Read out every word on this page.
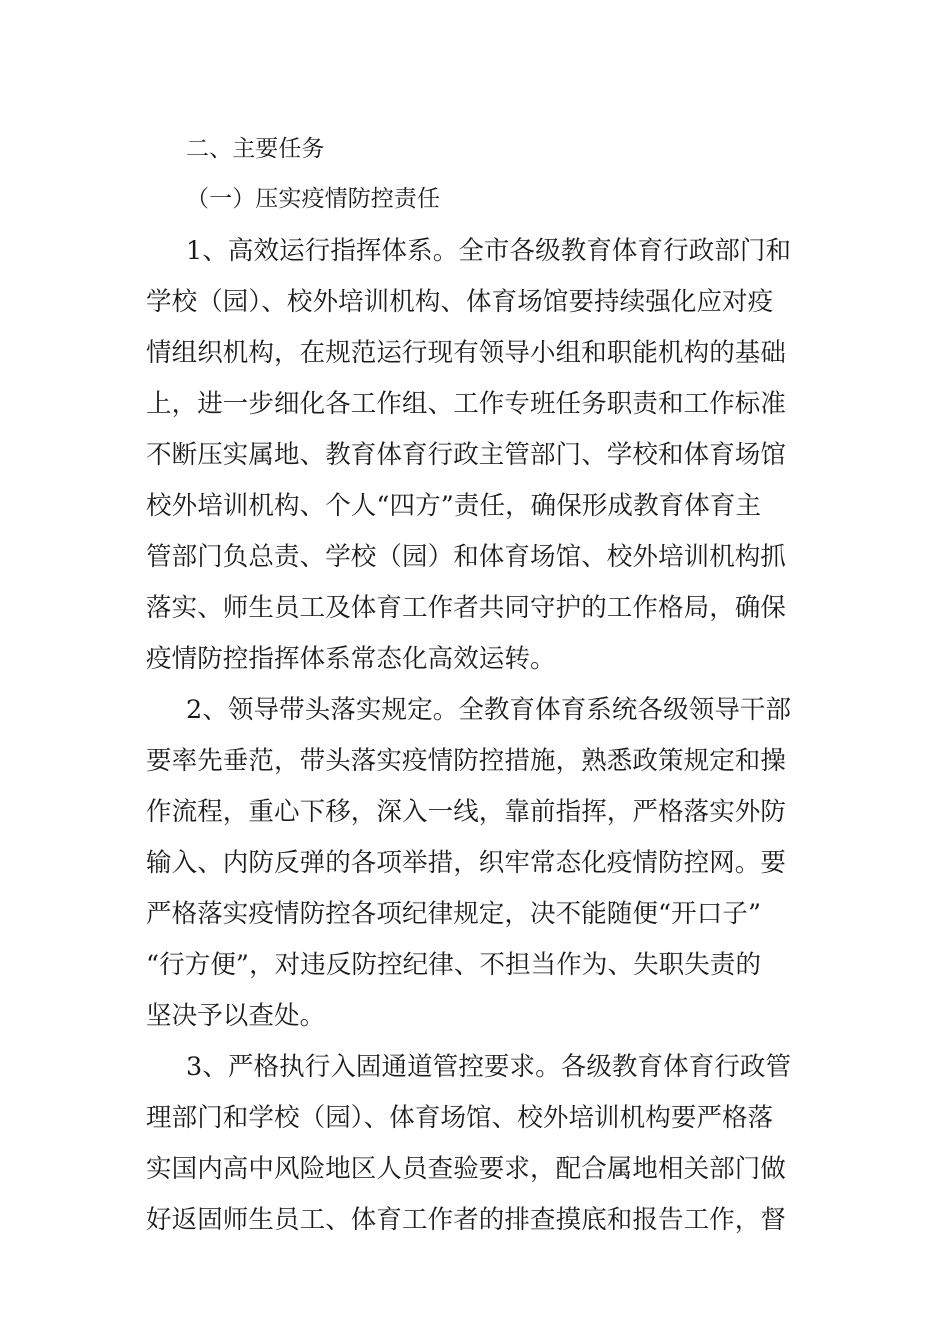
二、主要任务
（一）压实疫情防控责任
1、高效运行指挥体系。全市各级教育体育行政部门和
学校（园）、校外培训机构、体育场馆要持续强化应对疫
情组织机构，在规范运行现有领导小组和职能机构的基础
上，进一步细化各工作组、工作专班任务职责和工作标准
不断压实属地、教育体育行政主管部门、学校和体育场馆
校外培训机构、个人“四方”责任，确保形成教育体育主
管部门负总责、学校（园）和体育场馆、校外培训机构抓
落实、师生员工及体育工作者共同守护的工作格局，确保
疫情防控指挥体系常态化高效运转。
2、领导带头落实规定。全教育体育系统各级领导干部
要率先垂范，带头落实疫情防控措施，熟悉政策规定和操
作流程，重心下移，深入一线，靠前指挥，严格落实外防
输入、内防反弹的各项举措，织牢常态化疫情防控网。要
严格落实疫情防控各项纪律规定，决不能随便“开口子”
“行方便”，对违反防控纪律、不担当作为、失职失责的
坚决予以查处。
3、严格执行入固通道管控要求。各级教育体育行政管
理部门和学校（园）、体育场馆、校外培训机构要严格落
实国内高中风险地区人员查验要求，配合属地相关部门做
好返固师生员工、体育工作者的排查摸底和报告工作，督
